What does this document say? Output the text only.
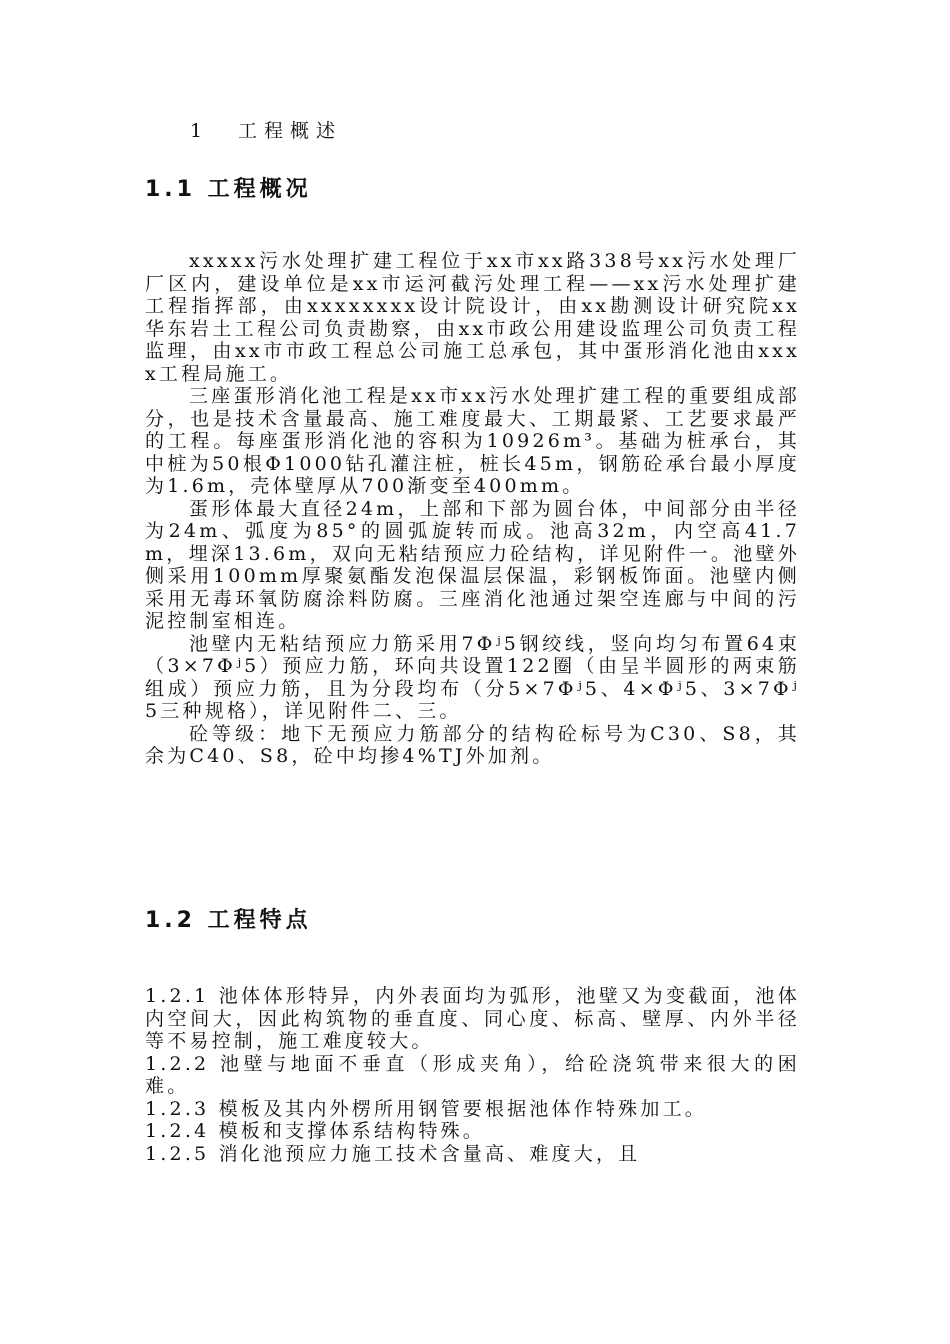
1 工程概述
1.1 工程概况

xxxxx污水处理扩建工程位于xx市xx路338号xx污水处理厂厂区内，建设单位是xx市运河截污处理工程——xx污水处理扩建工程指挥部，由xxxxxxxx设计院设计，由xx勘测设计研究院xx华东岩土工程公司负责勘察，由xx市政公用建设监理公司负责工程监理，由xx市市政工程总公司施工总承包，其中蛋形消化池由xxxx工程局施工。

三座蛋形消化池工程是xx市xx污水处理扩建工程的重要组成部分，也是技术含量最高、施工难度最大、工期最紧、工艺要求最严的工程。每座蛋形消化池的容积为10926m³。基础为桩承台，其中桩为50根Φ1000钻孔灌注桩，桩长45m，钢筋砼承台最小厚度为1.6m，壳体壁厚从700渐变至400mm。

蛋形体最大直径24m，上部和下部为圆台体，中间部分由半径为24m、弧度为85°的圆弧旋转而成。池高32m，内空高41.7m，埋深13.6m，双向无粘结预应力砼结构，详见附件一。池壁外侧采用100mm厚聚氨酯发泡保温层保温，彩钢板饰面。池壁内侧采用无毒环氧防腐涂料防腐。三座消化池通过架空连廊与中间的污泥控制室相连。

池壁内无粘结预应力筋采用7Φʲ5钢绞线，竖向均匀布置64束（3×7Φʲ5）预应力筋，环向共设置122圈（由呈半圆形的两束筋组成）预应力筋，且为分段均布（分5×7Φʲ5、4×Φʲ5、3×7Φʲ5三种规格），详见附件二、三。

砼等级：地下无预应力筋部分的结构砼标号为C30、S8，其余为C40、S8，砼中均掺4%TJ外加剂。

1.2 工程特点

1.2.1 池体体形特异，内外表面均为弧形，池壁又为变截面，池体内空间大，因此构筑物的垂直度、同心度、标高、壁厚、内外半径等不易控制，施工难度较大。

1.2.2 池壁与地面不垂直（形成夹角），给砼浇筑带来很大的困难。

1.2.3 模板及其内外楞所用钢管要根据池体作特殊加工。

1.2.4 模板和支撑体系结构特殊。

1.2.5 消化池预应力施工技术含量高、难度大，且
